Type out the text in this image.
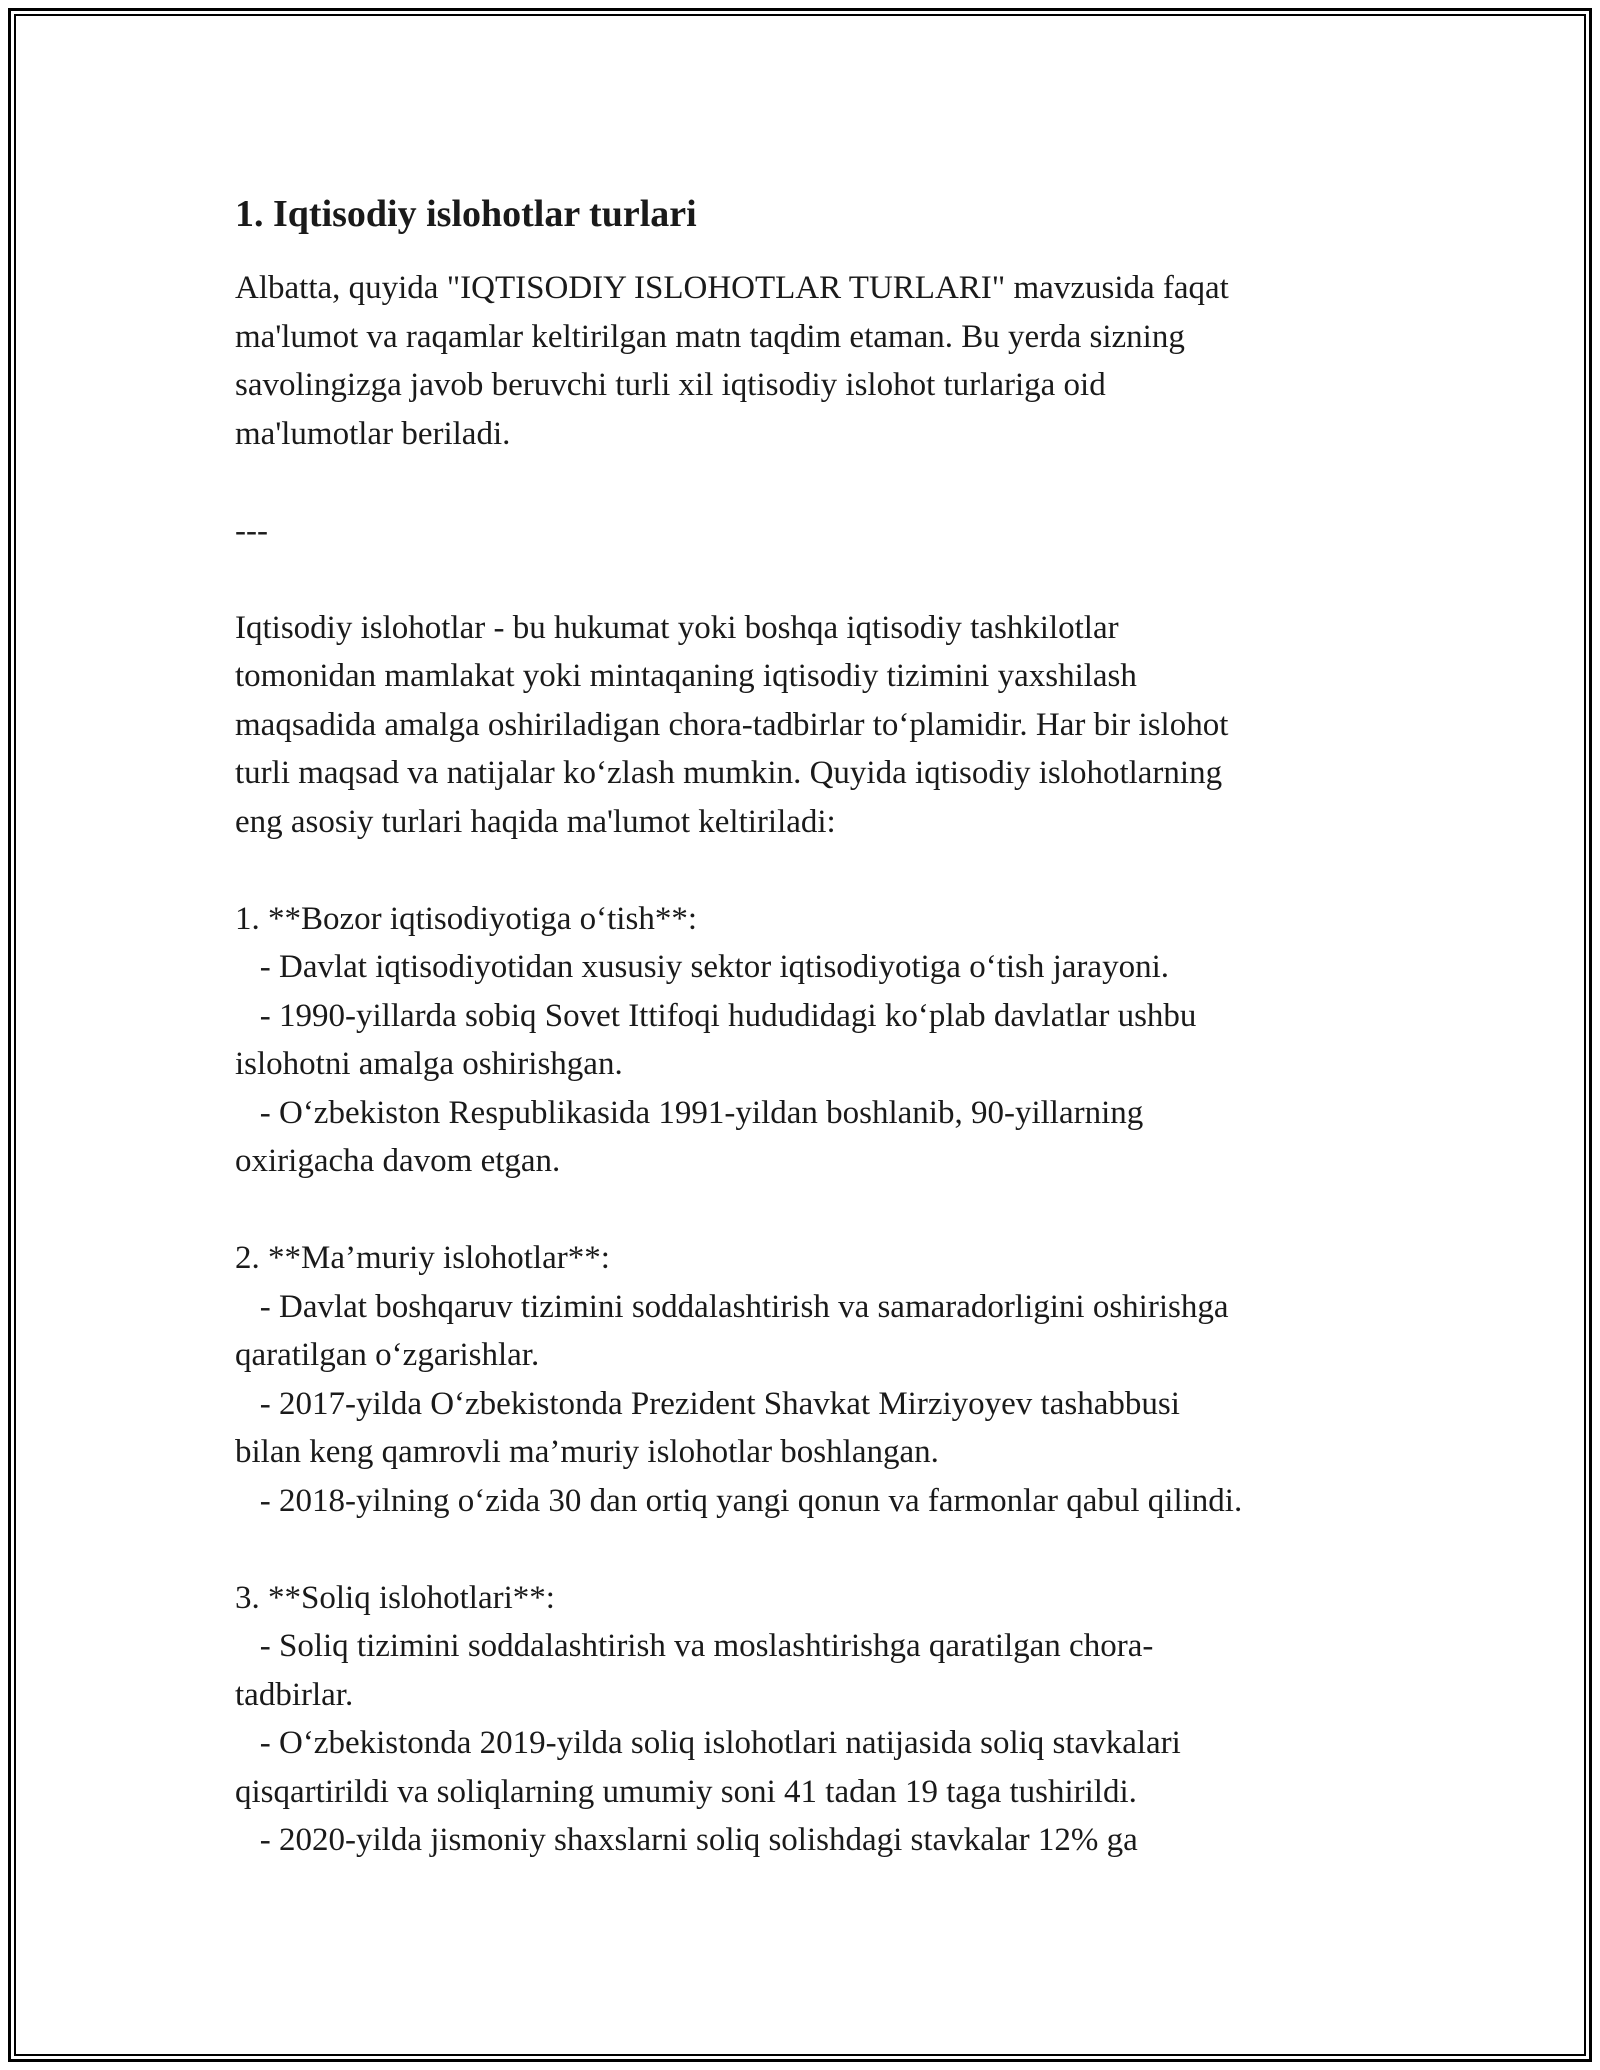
1. Iqtisodiy islohotlar turlari

Albatta, quyida "IQTISODIY ISLOHOTLAR TURLARI" mavzusida faqat
ma'lumot va raqamlar keltirilgan matn taqdim etaman. Bu yerda sizning
savolingizga javob beruvchi turli xil iqtisodiy islohot turlariga oid
ma'lumotlar beriladi.

---

Iqtisodiy islohotlar - bu hukumat yoki boshqa iqtisodiy tashkilotlar
tomonidan mamlakat yoki mintaqaning iqtisodiy tizimini yaxshilash
maqsadida amalga oshiriladigan chora-tadbirlar to‘plamidir. Har bir islohot
turli maqsad va natijalar ko‘zlash mumkin. Quyida iqtisodiy islohotlarning
eng asosiy turlari haqida ma'lumot keltiriladi:

1. **Bozor iqtisodiyotiga o‘tish**:

- Davlat iqtisodiyotidan xususiy sektor iqtisodiyotiga o‘tish jarayoni.

- 1990-yillarda sobiq Sovet Ittifoqi hududidagi ko‘plab davlatlar ushbu
islohotni amalga oshirishgan.

- O‘zbekiston Respublikasida 1991-yildan boshlanib, 90-yillarning
oxirigacha davom etgan.

2. **Ma’muriy islohotlar**:

- Davlat boshqaruv tizimini soddalashtirish va samaradorligini oshirishga
qaratilgan o‘zgarishlar.

- 2017-yilda O‘zbekistonda Prezident Shavkat Mirziyoyev tashabbusi
bilan keng qamrovli ma’muriy islohotlar boshlangan.

- 2018-yilning o‘zida 30 dan ortiq yangi qonun va farmonlar qabul qilindi.

3. **Soliq islohotlari**:

- Soliq tizimini soddalashtirish va moslashtirishga qaratilgan chora-
tadbirlar.

- O‘zbekistonda 2019-yilda soliq islohotlari natijasida soliq stavkalari
qisqartirildi va soliqlarning umumiy soni 41 tadan 19 taga tushirildi.

- 2020-yilda jismoniy shaxslarni soliq solishdagi stavkalar 12% ga
